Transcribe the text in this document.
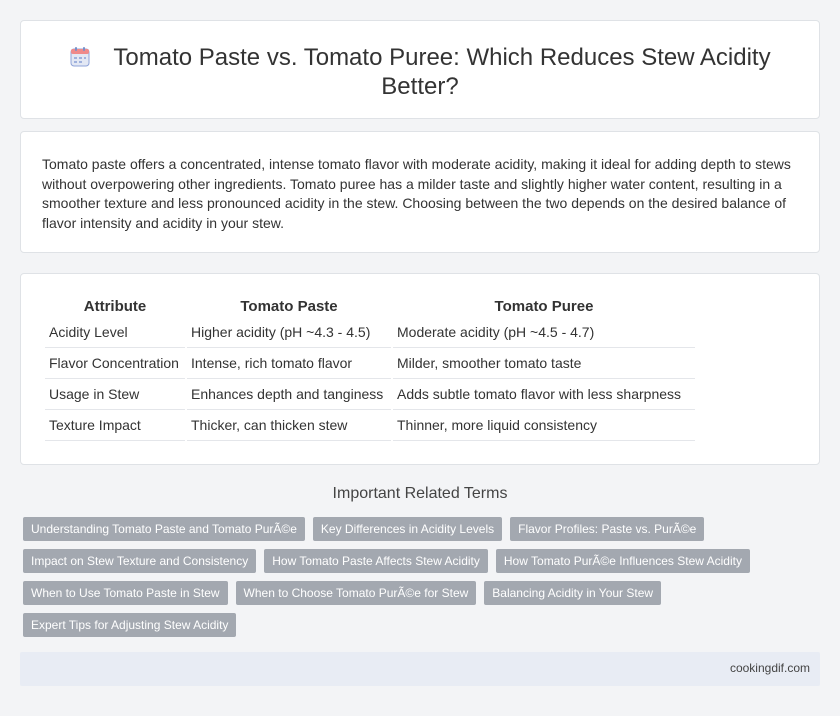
Tomato Paste vs. Tomato Puree: Which Reduces Stew Acidity Better?

Tomato paste offers a concentrated, intense tomato flavor with moderate acidity, making it ideal for adding depth to stews without overpowering other ingredients. Tomato puree has a milder taste and slightly higher water content, resulting in a smoother texture and less pronounced acidity in the stew. Choosing between the two depends on the desired balance of flavor intensity and acidity in your stew.

Attribute	Tomato Paste	Tomato Puree
Acidity Level	Higher acidity (pH ~4.3 - 4.5)	Moderate acidity (pH ~4.5 - 4.7)
Flavor Concentration	Intense, rich tomato flavor	Milder, smoother tomato taste
Usage in Stew	Enhances depth and tanginess	Adds subtle tomato flavor with less sharpness
Texture Impact	Thicker, can thicken stew	Thinner, more liquid consistency
Important Related Terms
Understanding Tomato Paste and Tomato PurÃ©e	Key Differences in Acidity Levels	Flavor Profiles: Paste vs. PurÃ©e
Impact on Stew Texture and Consistency	How Tomato Paste Affects Stew Acidity	How Tomato PurÃ©e Influences Stew Acidity
When to Use Tomato Paste in Stew	When to Choose Tomato PurÃ©e for Stew	Balancing Acidity in Your Stew
Expert Tips for Adjusting Stew Acidity
cookingdif.com
